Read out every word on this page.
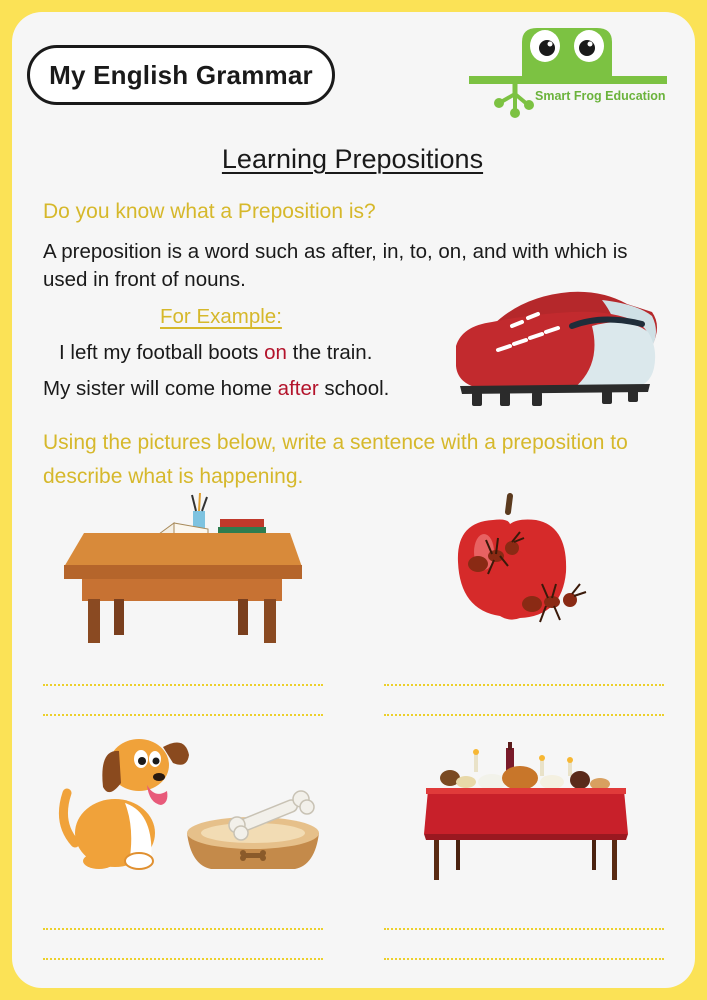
My English Grammar
Smart Frog Education
Learning Prepositions
Do you know what a Preposition is?
A preposition is a word such as after, in, to, on, and with which is used in front of nouns.
For Example:
I left my football boots on the train.
My sister will come home after school.
Using the pictures below, write a sentence with a preposition to describe what is happening.
